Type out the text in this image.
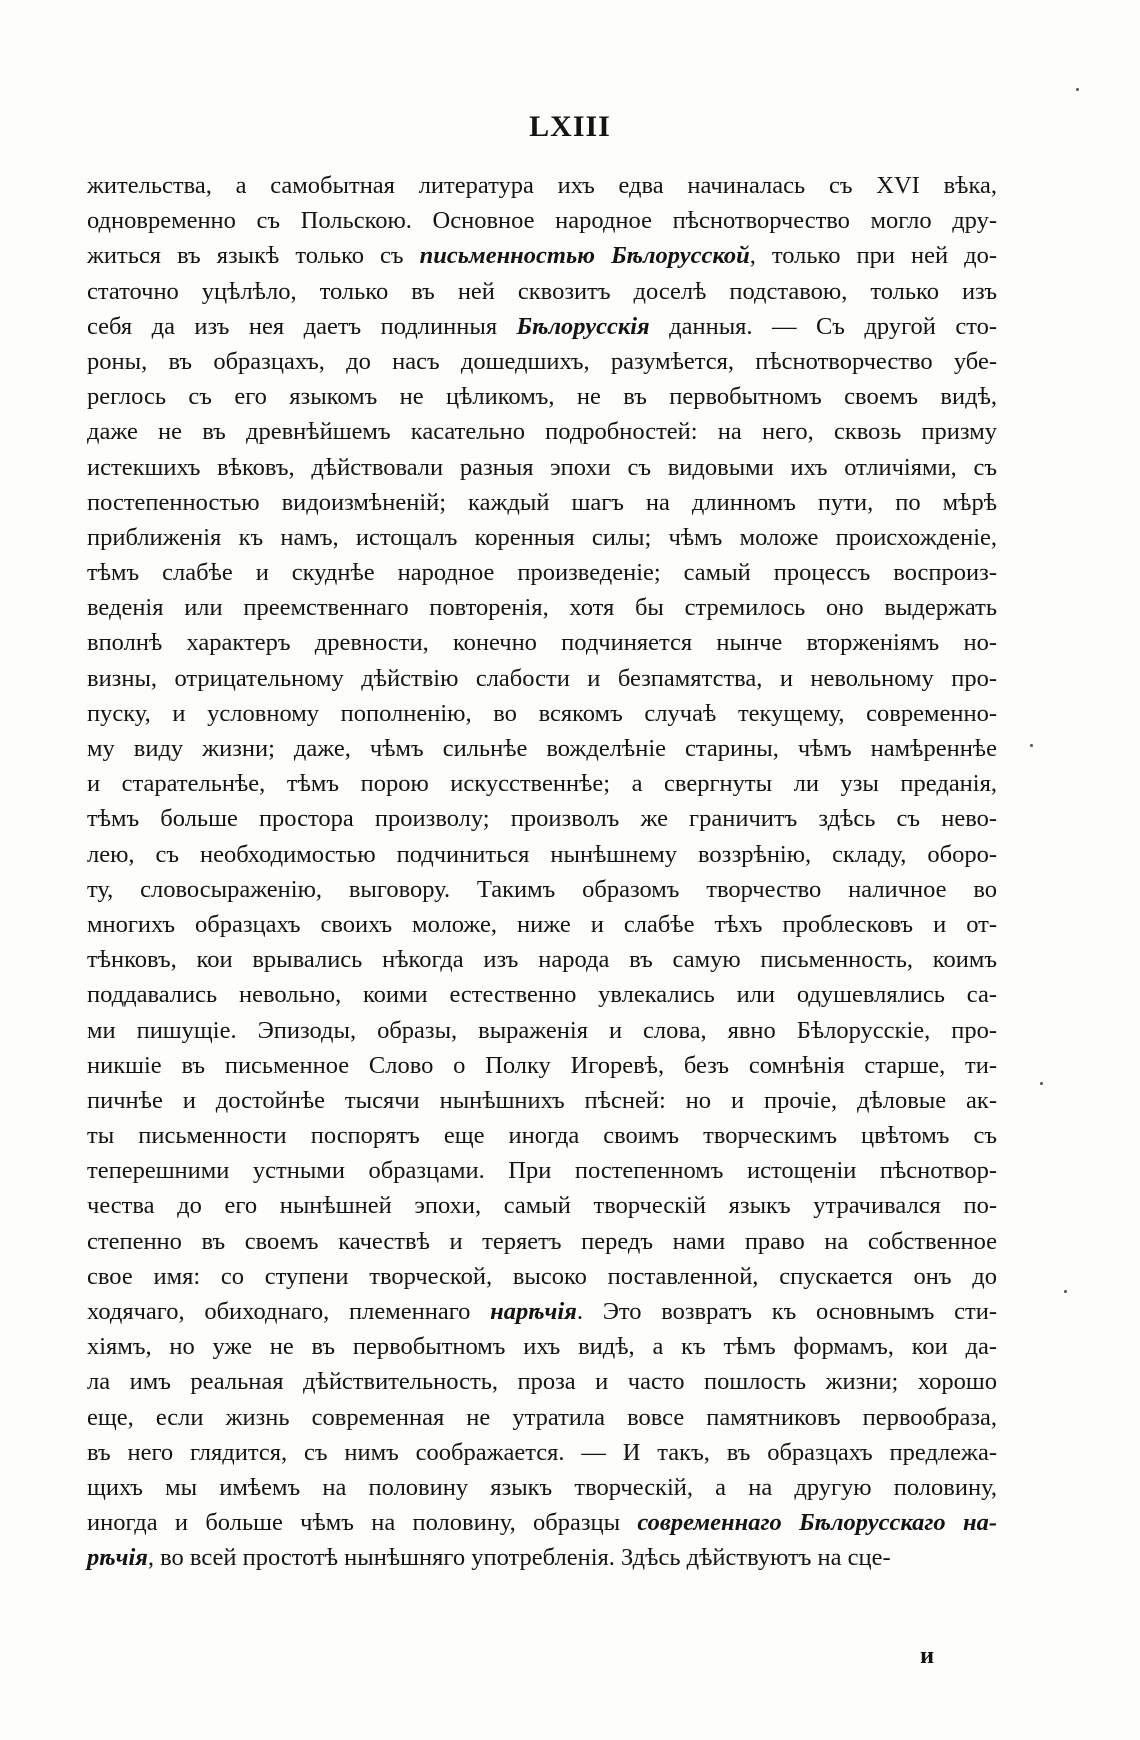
LXIII
жительства, а самобытная литература ихъ едва начиналась съ XVI вѣка,
одновременно съ Польскою. Основное народное пѣснотворчество могло дру-
житься въ языкѣ только съ письменностью Бѣлорусской, только при ней до-
статочно уцѣлѣло, только въ ней сквозитъ доселѣ подставою, только изъ
себя да изъ нея даетъ подлинныя Бѣлорусскія данныя. — Съ другой сто-
роны, въ образцахъ, до насъ дошедшихъ, разумѣется, пѣснотворчество убе-
реглось съ его языкомъ не цѣликомъ, не въ первобытномъ своемъ видѣ,
даже не въ древнѣйшемъ касательно подробностей: на него, сквозь призму
истекшихъ вѣковъ, дѣйствовали разныя эпохи съ видовыми ихъ отличіями, съ
постепенностью видоизмѣненій; каждый шагъ на длинномъ пути, по мѣрѣ
приближенія къ намъ, истощалъ коренныя силы; чѣмъ моложе происхожденіе,
тѣмъ слабѣе и скуднѣе народное произведеніе; самый процессъ воспроиз-
веденія или преемственнаго повторенія, хотя бы стремилось оно выдержать
вполнѣ характеръ древности, конечно подчиняется нынче вторженіямъ но-
визны, отрицательному дѣйствію слабости и безпамятства, и невольному про-
пуску, и условному пополненію, во всякомъ случаѣ текущему, современно-
му виду жизни; даже, чѣмъ сильнѣе вожделѣніе старины, чѣмъ намѣреннѣе
и старательнѣе, тѣмъ порою искусственнѣе; а свергнуты ли узы преданія,
тѣмъ больше простора произволу; произволъ же граничитъ здѣсь съ нево-
лею, съ необходимостью подчиниться нынѣшнему воззрѣнію, складу, оборо-
ту, словосыраженію, выговору. Такимъ образомъ творчество наличное во
многихъ образцахъ своихъ моложе, ниже и слабѣе тѣхъ проблесковъ и от-
тѣнковъ, кои врывались нѣкогда изъ народа въ самую письменность, коимъ
поддавались невольно, коими естественно увлекались или одушевлялись са-
ми пишущіе. Эпизоды, образы, выраженія и слова, явно Бѣлорусскіе, про-
никшіе въ письменное Слово о Полку Игоревѣ, безъ сомнѣнія старше, ти-
пичнѣе и достойнѣе тысячи нынѣшнихъ пѣсней: но и прочіе, дѣловые ак-
ты письменности поспорятъ еще иногда своимъ творческимъ цвѣтомъ съ
теперешними устными образцами. При постепенномъ истощеніи пѣснотвор-
чества до его нынѣшней эпохи, самый творческій языкъ утрачивался по-
степенно въ своемъ качествѣ и теряетъ передъ нами право на собственное
свое имя: со ступени творческой, высоко поставленной, спускается онъ до
ходячаго, обиходнаго, племеннаго нарѣчія. Это возвратъ къ основнымъ сти-
хіямъ, но уже не въ первобытномъ ихъ видѣ, а къ тѣмъ формамъ, кои да-
ла имъ реальная дѣйствительность, проза и часто пошлость жизни; хорошо
еще, если жизнь современная не утратила вовсе памятниковъ первообраза,
въ него глядится, съ нимъ соображается. — И такъ, въ образцахъ предлежа-
щихъ мы имѣемъ на половину языкъ творческій, а на другую половину,
иногда и больше чѣмъ на половину, образцы современнаго Бѣлорусскаго на-
рѣчія, во всей простотѣ нынѣшняго употребленія. Здѣсь дѣйствуютъ на сце-
и
